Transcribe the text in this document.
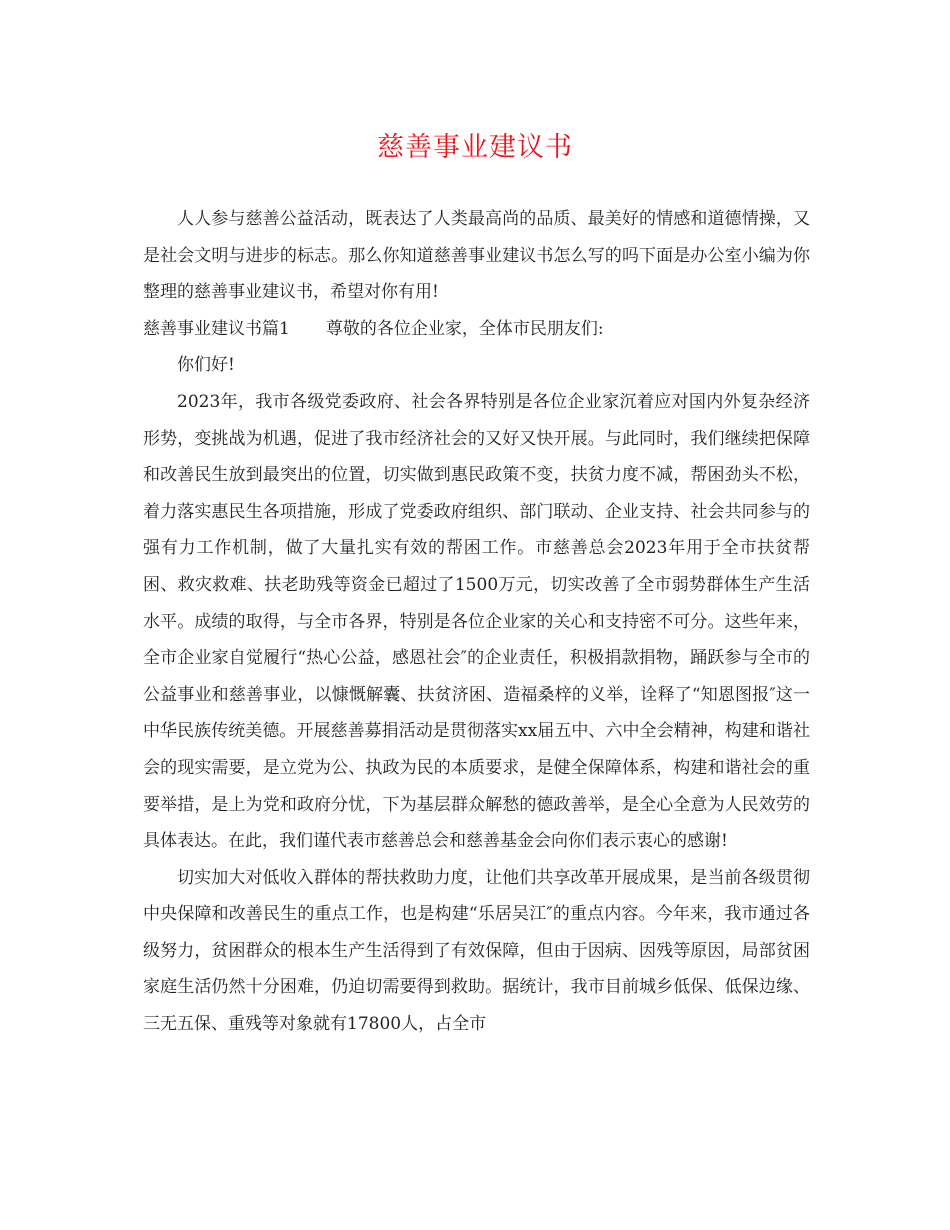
慈善事业建议书

人人参与慈善公益活动，既表达了人类最高尚的品质、最美好的情感和道德情操，又是社会文明与进步的标志。那么你知道慈善事业建议书怎么写的吗下面是办公室小编为你整理的慈善事业建议书，希望对你有用!

慈善事业建议书篇1 尊敬的各位企业家，全体市民朋友们:

你们好!

2023年，我市各级党委政府、社会各界特别是各位企业家沉着应对国内外复杂经济形势，变挑战为机遇，促进了我市经济社会的又好又快开展。与此同时，我们继续把保障和改善民生放到最突出的位置，切实做到惠民政策不变，扶贫力度不减，帮困劲头不松，着力落实惠民生各项措施，形成了党委政府组织、部门联动、企业支持、社会共同参与的强有力工作机制，做了大量扎实有效的帮困工作。市慈善总会2023年用于全市扶贫帮困、救灾救难、扶老助残等资金已超过了1500万元，切实改善了全市弱势群体生产生活水平。成绩的取得，与全市各界，特别是各位企业家的关心和支持密不可分。这些年来，全市企业家自觉履行“热心公益，感恩社会″的企业责任，积极捐款捐物，踊跃参与全市的公益事业和慈善事业，以慷慨解囊、扶贫济困、造福桑梓的义举，诠释了“知恩图报″这一中华民族传统美德。开展慈善募捐活动是贯彻落实xx届五中、六中全会精神，构建和谐社会的现实需要，是立党为公、执政为民的本质要求，是健全保障体系，构建和谐社会的重要举措，是上为党和政府分忧，下为基层群众解愁的德政善举，是全心全意为人民效劳的具体表达。在此，我们谨代表市慈善总会和慈善基金会向你们表示衷心的感谢!

切实加大对低收入群体的帮扶救助力度，让他们共享改革开展成果，是当前各级贯彻中央保障和改善民生的重点工作，也是构建“乐居吴江″的重点内容。今年来，我市通过各级努力，贫困群众的根本生产生活得到了有效保障，但由于因病、因残等原因，局部贫困家庭生活仍然十分困难，仍迫切需要得到救助。据统计，我市目前城乡低保、低保边缘、三无五保、重残等对象就有17800人，占全市
